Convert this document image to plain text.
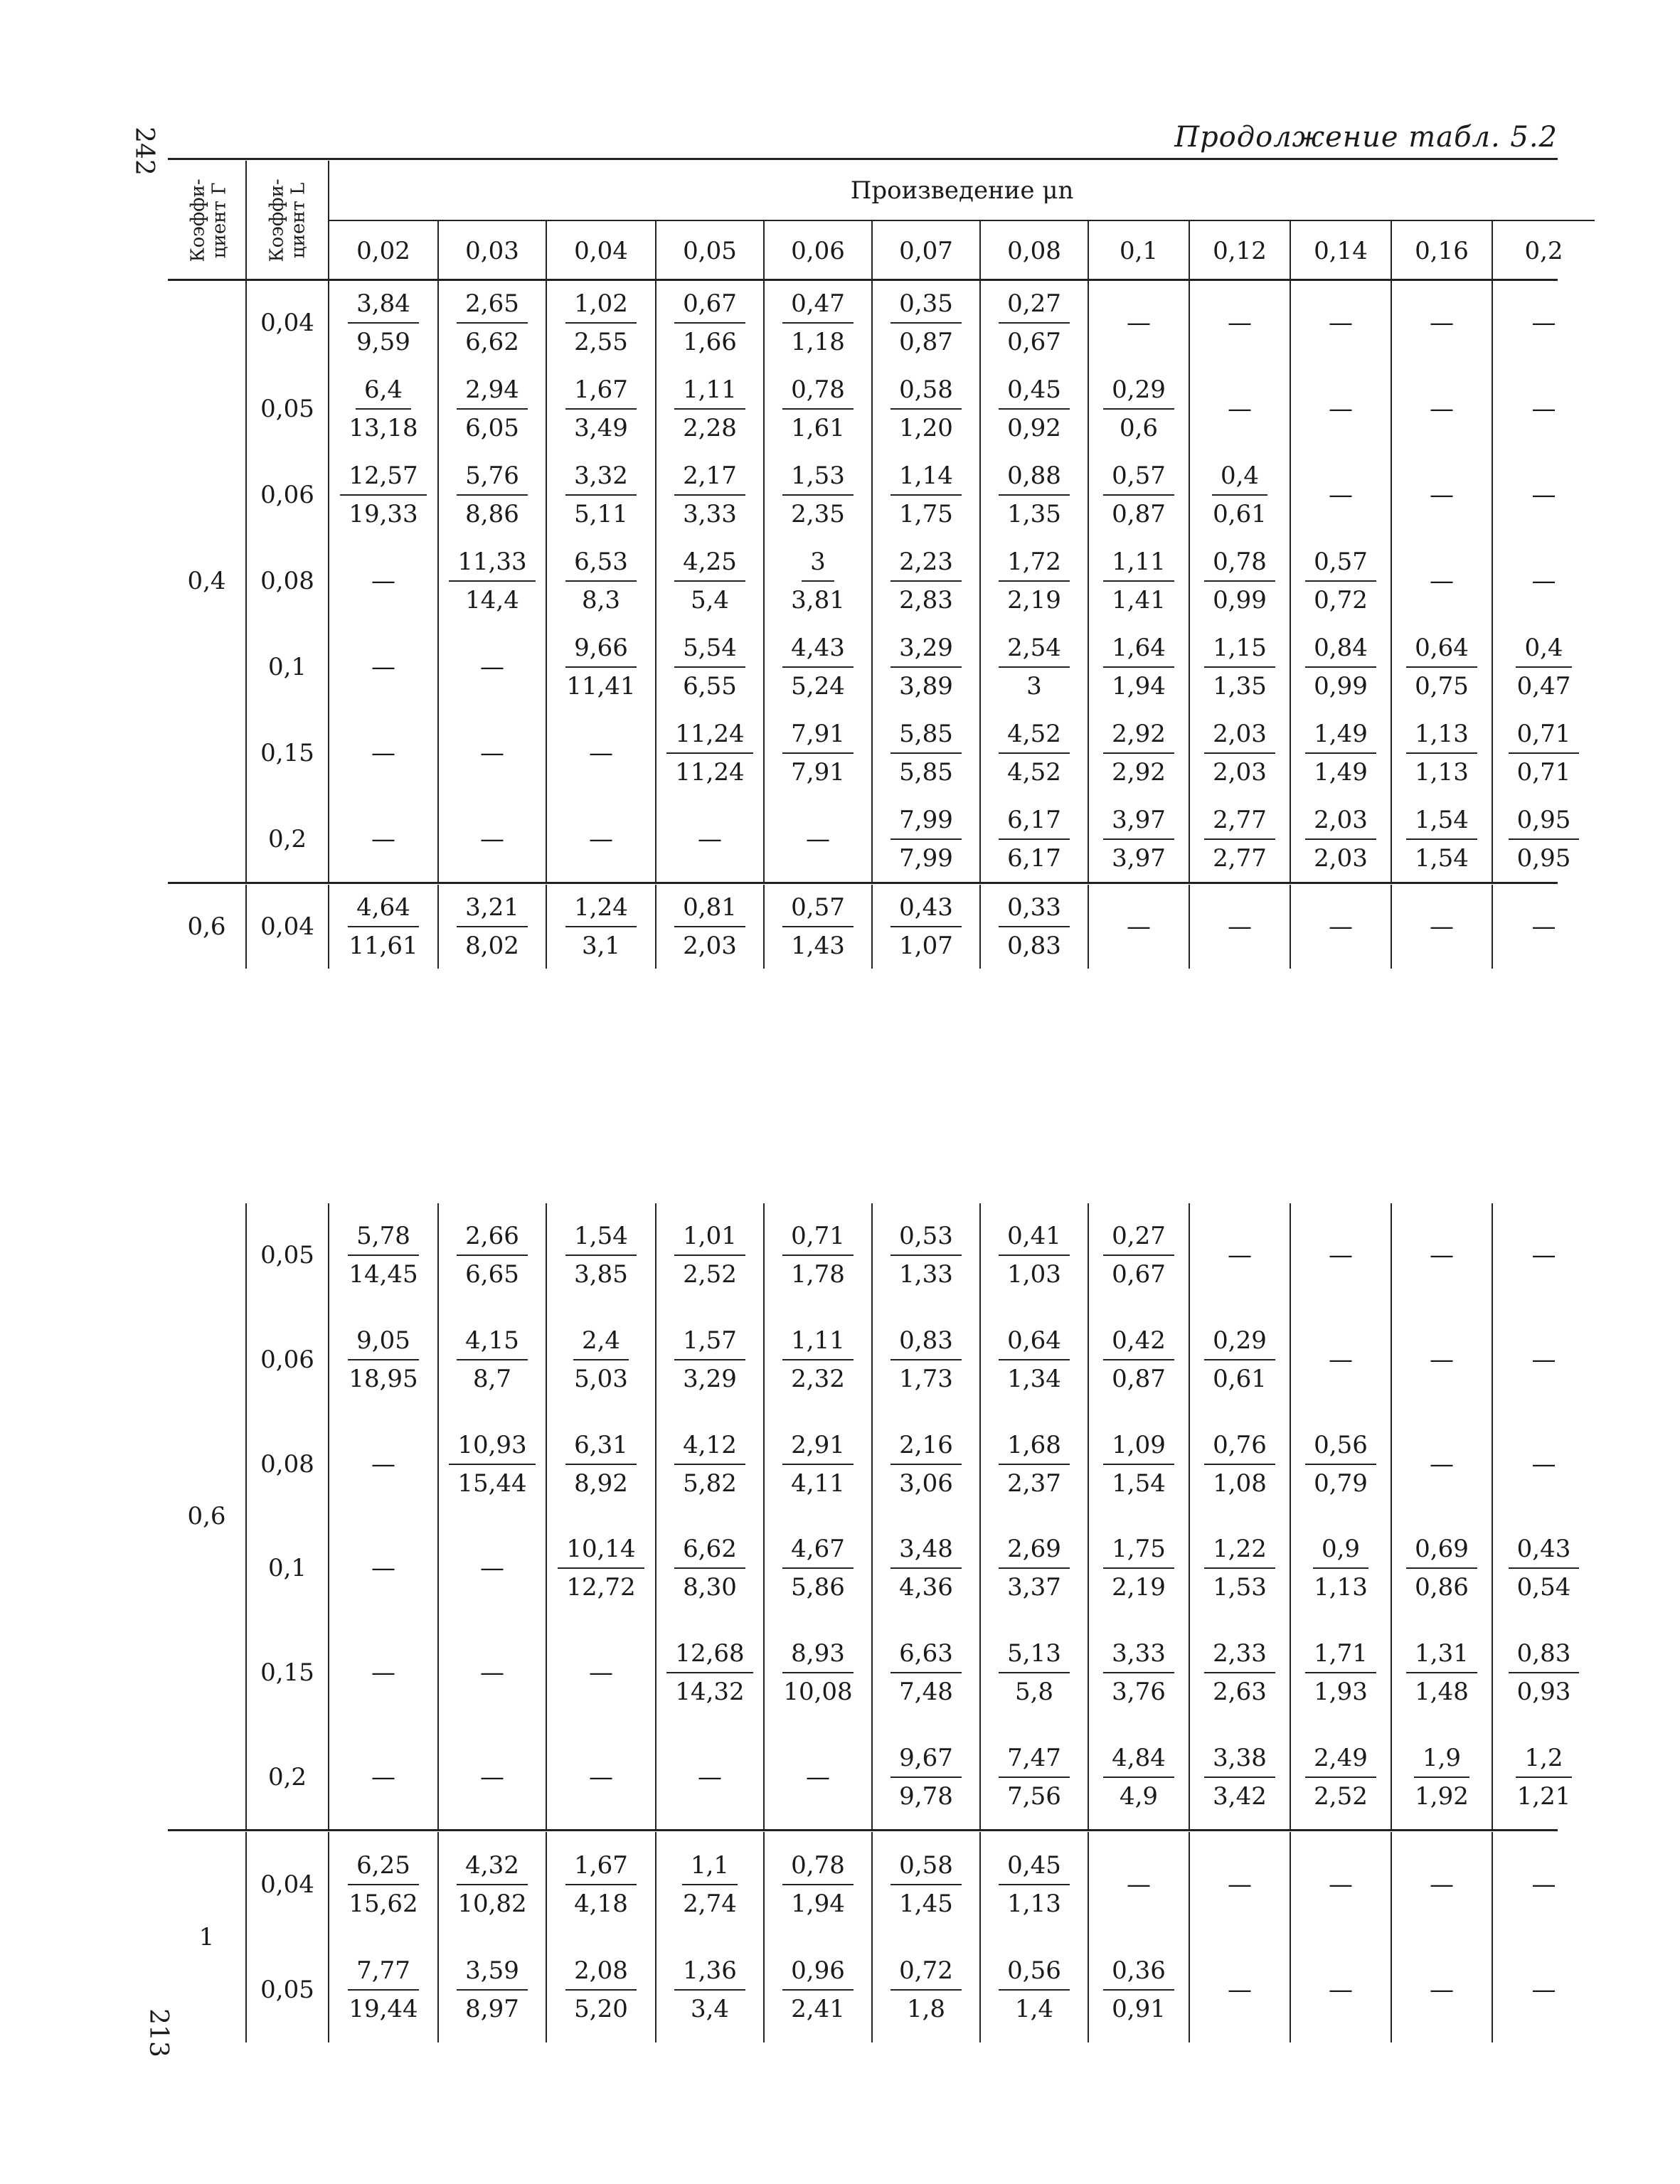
242
213
Продолжение табл. 5.2
Коэффи-
циент Г	Коэффи-
циент L	Произведение μn											
		0,02	0,03	0,04	0,05	0,06	0,07	0,08	0,1	0,12	0,14	0,16	0,2
0,4	0,04	$\frac{3,84}{9,59}$	$\frac{2,65}{6,62}$	$\frac{1,02}{2,55}$	$\frac{0,67}{1,66}$	$\frac{0,47}{1,18}$	$\frac{0,35}{0,87}$	$\frac{0,27}{0,67}$	—	—	—	—	—
	0,05	$\frac{6,4}{13,18}$	$\frac{2,94}{6,05}$	$\frac{1,67}{3,49}$	$\frac{1,11}{2,28}$	$\frac{0,78}{1,61}$	$\frac{0,58}{1,20}$	$\frac{0,45}{0,92}$	$\frac{0,29}{0,6}$	—	—	—	—
	0,06	$\frac{12,57}{19,33}$	$\frac{5,76}{8,86}$	$\frac{3,32}{5,11}$	$\frac{2,17}{3,33}$	$\frac{1,53}{2,35}$	$\frac{1,14}{1,75}$	$\frac{0,88}{1,35}$	$\frac{0,57}{0,87}$	$\frac{0,4}{0,61}$	—	—	—
	0,08	—	$\frac{11,33}{14,4}$	$\frac{6,53}{8,3}$	$\frac{4,25}{5,4}$	$\frac{3}{3,81}$	$\frac{2,23}{2,83}$	$\frac{1,72}{2,19}$	$\frac{1,11}{1,41}$	$\frac{0,78}{0,99}$	$\frac{0,57}{0,72}$	—	—
	0,1	—	—	$\frac{9,66}{11,41}$	$\frac{5,54}{6,55}$	$\frac{4,43}{5,24}$	$\frac{3,29}{3,89}$	$\frac{2,54}{3}$	$\frac{1,64}{1,94}$	$\frac{1,15}{1,35}$	$\frac{0,84}{0,99}$	$\frac{0,64}{0,75}$	$\frac{0,4}{0,47}$

	0,15	—	—	—	$\frac{11,24}{11,24}$	$\frac{7,91}{7,91}$	$\frac{5,85}{5,85}$	$\frac{4,52}{4,52}$	$\frac{2,92}{2,92}$	$\frac{2,03}{2,03}$	$\frac{1,49}{1,49}$	$\frac{1,13}{1,13}$	$\frac{0,71}{0,71}$

	0,2	—	—	—	—	—	$\frac{7,99}{7,99}$	$\frac{6,17}{6,17}$	$\frac{3,97}{3,97}$	$\frac{2,77}{2,77}$	$\frac{2,03}{2,03}$	$\frac{1,54}{1,54}$	$\frac{0,95}{0,95}$
0,6	0,04	$\frac{4,64}{11,61}$	$\frac{3,21}{8,02}$	$\frac{1,24}{3,1}$	$\frac{0,81}{2,03}$	$\frac{0,57}{1,43}$	$\frac{0,43}{1,07}$	$\frac{0,33}{0,83}$	—	—	—	—	—
0,6	0,05	$\frac{5,78}{14,45}$	$\frac{2,66}{6,65}$	$\frac{1,54}{3,85}$	$\frac{1,01}{2,52}$	$\frac{0,71}{1,78}$	$\frac{0,53}{1,33}$	$\frac{0,41}{1,03}$	$\frac{0,27}{0,67}$	—	—	—	—
	0,06	$\frac{9,05}{18,95}$	$\frac{4,15}{8,7}$	$\frac{2,4}{5,03}$	$\frac{1,57}{3,29}$	$\frac{1,11}{2,32}$	$\frac{0,83}{1,73}$	$\frac{0,64}{1,34}$	$\frac{0,42}{0,87}$	$\frac{0,29}{0,61}$	—	—	—
	0,08	—	$\frac{10,93}{15,44}$	$\frac{6,31}{8,92}$	$\frac{4,12}{5,82}$	$\frac{2,91}{4,11}$	$\frac{2,16}{3,06}$	$\frac{1,68}{2,37}$	$\frac{1,09}{1,54}$	$\frac{0,76}{1,08}$	$\frac{0,56}{0,79}$	—	—
	0,1	—	—	$\frac{10,14}{12,72}$	$\frac{6,62}{8,30}$	$\frac{4,67}{5,86}$	$\frac{3,48}{4,36}$	$\frac{2,69}{3,37}$	$\frac{1,75}{2,19}$	$\frac{1,22}{1,53}$	$\frac{0,9}{1,13}$	$\frac{0,69}{0,86}$	$\frac{0,43}{0,54}$

	0,15	—	—	—	$\frac{12,68}{14,32}$	$\frac{8,93}{10,08}$	$\frac{6,63}{7,48}$	$\frac{5,13}{5,8}$	$\frac{3,33}{3,76}$	$\frac{2,33}{2,63}$	$\frac{1,71}{1,93}$	$\frac{1,31}{1,48}$	$\frac{0,83}{0,93}$

	0,2	—	—	—	—	—	$\frac{9,67}{9,78}$	$\frac{7,47}{7,56}$	$\frac{4,84}{4,9}$	$\frac{3,38}{3,42}$	$\frac{2,49}{2,52}$	$\frac{1,9}{1,92}$	$\frac{1,2}{1,21}$
1	0,04	$\frac{6,25}{15,62}$	$\frac{4,32}{10,82}$	$\frac{1,67}{4,18}$	$\frac{1,1}{2,74}$	$\frac{0,78}{1,94}$	$\frac{0,58}{1,45}$	$\frac{0,45}{1,13}$	—	—	—	—	—
	0,05	$\frac{7,77}{19,44}$	$\frac{3,59}{8,97}$	$\frac{2,08}{5,20}$	$\frac{1,36}{3,4}$	$\frac{0,96}{2,41}$	$\frac{0,72}{1,8}$	$\frac{0,56}{1,4}$	$\frac{0,36}{0,91}$	—	—	—	—
